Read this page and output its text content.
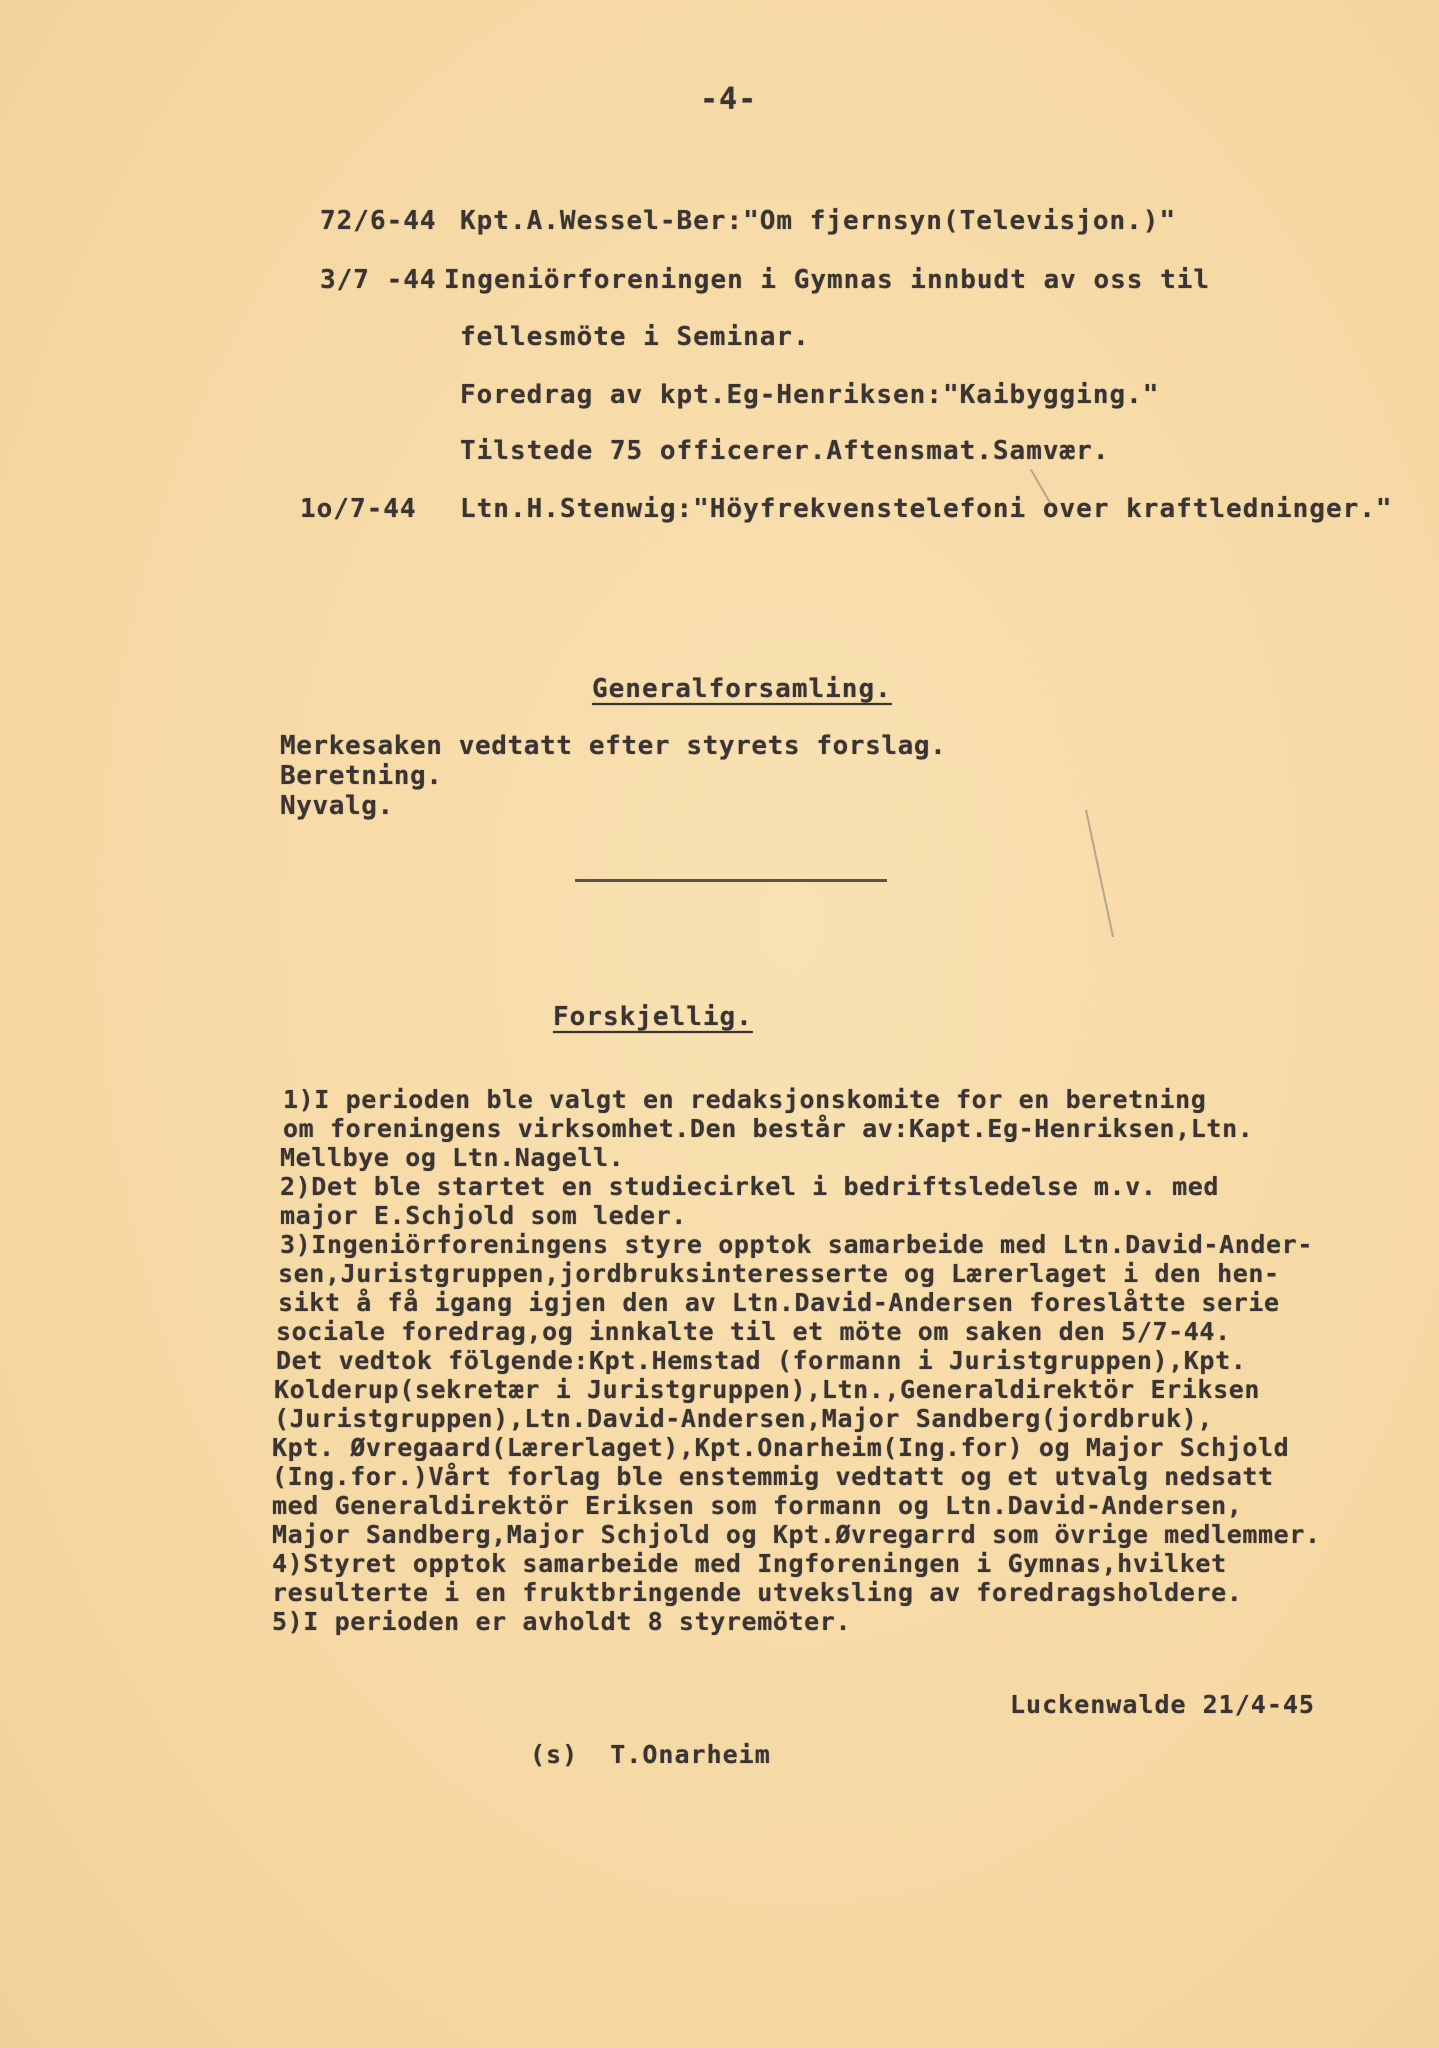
-4-
72/6-44 Kpt.A.Wessel-Ber:"Om fjernsyn(Televisjon.)"
3/7 -44 Ingeniörforeningen i Gymnas innbudt av oss til
fellesmöte i Seminar.
Foredrag av kpt.Eg-Henriksen:"Kaibygging."
Tilstede 75 officerer.Aftensmat.Samvær.
1o/7-44 Ltn.H.Stenwig:"Höyfrekvenstelefoni over kraftledninger."
Generalforsamling.
Merkesaken vedtatt efter styrets forslag.
Beretning.
Nyvalg.
Forskjellig.
1)I perioden ble valgt en redaksjonskomite for en beretning
om foreningens virksomhet.Den består av:Kapt.Eg-Henriksen,Ltn.
Mellbye og Ltn.Nagell.
2)Det ble startet en studiecirkel i bedriftsledelse m.v. med
major E.Schjold som leder.
3)Ingeniörforeningens styre opptok samarbeide med Ltn.David-Ander-
sen,Juristgruppen,jordbruksinteresserte og Lærerlaget i den hen-
sikt å få igang igjen den av Ltn.David-Andersen foreslåtte serie
sociale foredrag,og innkalte til et möte om saken den 5/7-44.
Det vedtok fölgende:Kpt.Hemstad (formann i Juristgruppen),Kpt.
Kolderup(sekretær i Juristgruppen),Ltn.,Generaldirektör Eriksen
(Juristgruppen),Ltn.David-Andersen,Major Sandberg(jordbruk),
Kpt. Øvregaard(Lærerlaget),Kpt.Onarheim(Ing.for) og Major Schjold
(Ing.for.)Vårt forlag ble enstemmig vedtatt og et utvalg nedsatt
med Generaldirektör Eriksen som formann og Ltn.David-Andersen,
Major Sandberg,Major Schjold og Kpt.Øvregarrd som övrige medlemmer.
4)Styret opptok samarbeide med Ingforeningen i Gymnas,hvilket
resulterte i en fruktbringende utveksling av foredragsholdere.
5)I perioden er avholdt 8 styremöter.
Luckenwalde 21/4-45
(s)  T.Onarheim
